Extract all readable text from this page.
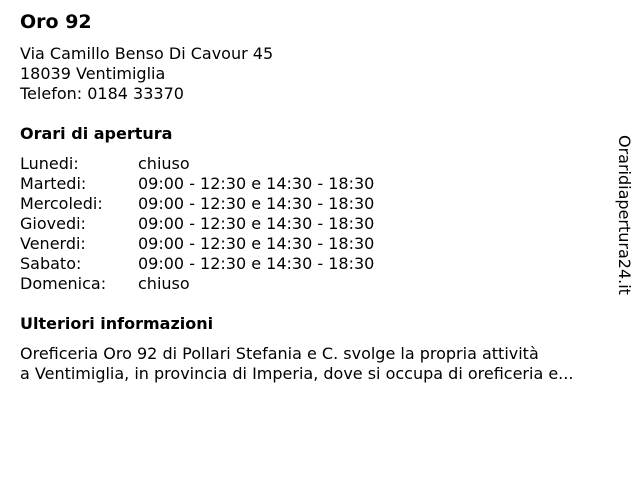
Oro 92
Via Camillo Benso Di Cavour 45
18039 Ventimiglia
Telefon: 0184 33370
Orari di apertura
Lunedi:	chiuso
Martedi:	09:00 - 12:30 e 14:30 - 18:30
Mercoledi: 09:00 - 12:30 e 14:30 - 18:30
Giovedi:	09:00 - 12:30 e 14:30 - 18:30
Venerdi:	09:00 - 12:30 e 14:30 - 18:30
Sabato:	09:00 - 12:30 e 14:30 - 18:30
Domenica: chiuso
Ulteriori informazioni
Oreficeria Oro 92 di Pollari Stefania e C. svolge la propria attività
a Ventimiglia, in provincia di Imperia, dove si occupa di oreficeria e...
Oraridiapertura24.it
